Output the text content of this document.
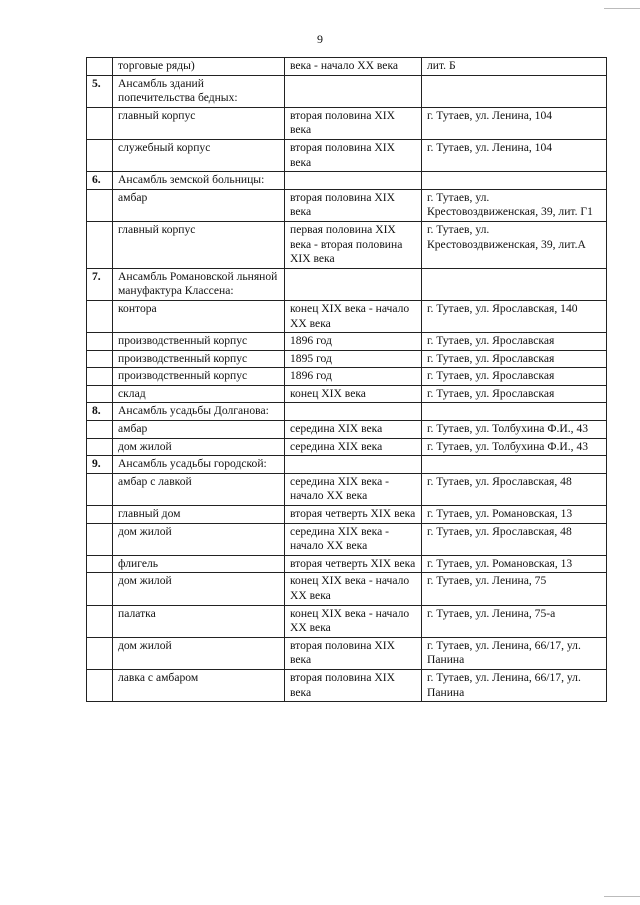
9
	торговые ряды)	века - начало XX века	лит. Б
5.	Ансамбль зданий попечительства бедных:		
	главный корпус	вторая половина XIX века	г. Тутаев, ул. Ленина, 104
	служебный корпус	вторая половина XIX века	г. Тутаев, ул. Ленина, 104
6.	Ансамбль земской больницы:		
	амбар	вторая половина XIX века	г. Тутаев, ул. Крестовоздвиженская, 39, лит. Г1
	главный корпус	первая половина XIX века - вторая половина XIX века	г. Тутаев, ул. Крестовоздвиженская, 39, лит.А
7.	Ансамбль Романовской льняной мануфактура Классена:		
	контора	конец XIX века - начало XX века	г. Тутаев, ул. Ярославская, 140
	производственный корпус	1896 год	г. Тутаев, ул. Ярославская
	производственный корпус	1895 год	г. Тутаев, ул. Ярославская
	производственный корпус	1896 год	г. Тутаев, ул. Ярославская
	склад	конец XIX века	г. Тутаев, ул. Ярославская
8.	Ансамбль усадьбы Долганова:		
	амбар	середина XIX века	г. Тутаев, ул. Толбухина Ф.И., 43
	дом жилой	середина XIX века	г. Тутаев, ул. Толбухина Ф.И., 43
9.	Ансамбль усадьбы городской:		
	амбар с лавкой	середина XIX века - начало XX века	г. Тутаев, ул. Ярославская, 48
	главный дом	вторая четверть XIX века	г. Тутаев, ул. Романовская, 13
	дом жилой	середина XIX века - начало XX века	г. Тутаев, ул. Ярославская, 48
	флигель	вторая четверть XIX века	г. Тутаев, ул. Романовская, 13
	дом жилой	конец XIX века - начало XX века	г. Тутаев, ул. Ленина, 75
	палатка	конец XIX века - начало XX века	г. Тутаев, ул. Ленина, 75-а
	дом жилой	вторая половина XIX века	г. Тутаев, ул. Ленина, 66/17, ул. Панина
	лавка с амбаром	вторая половина XIX века	г. Тутаев, ул. Ленина, 66/17, ул. Панина
